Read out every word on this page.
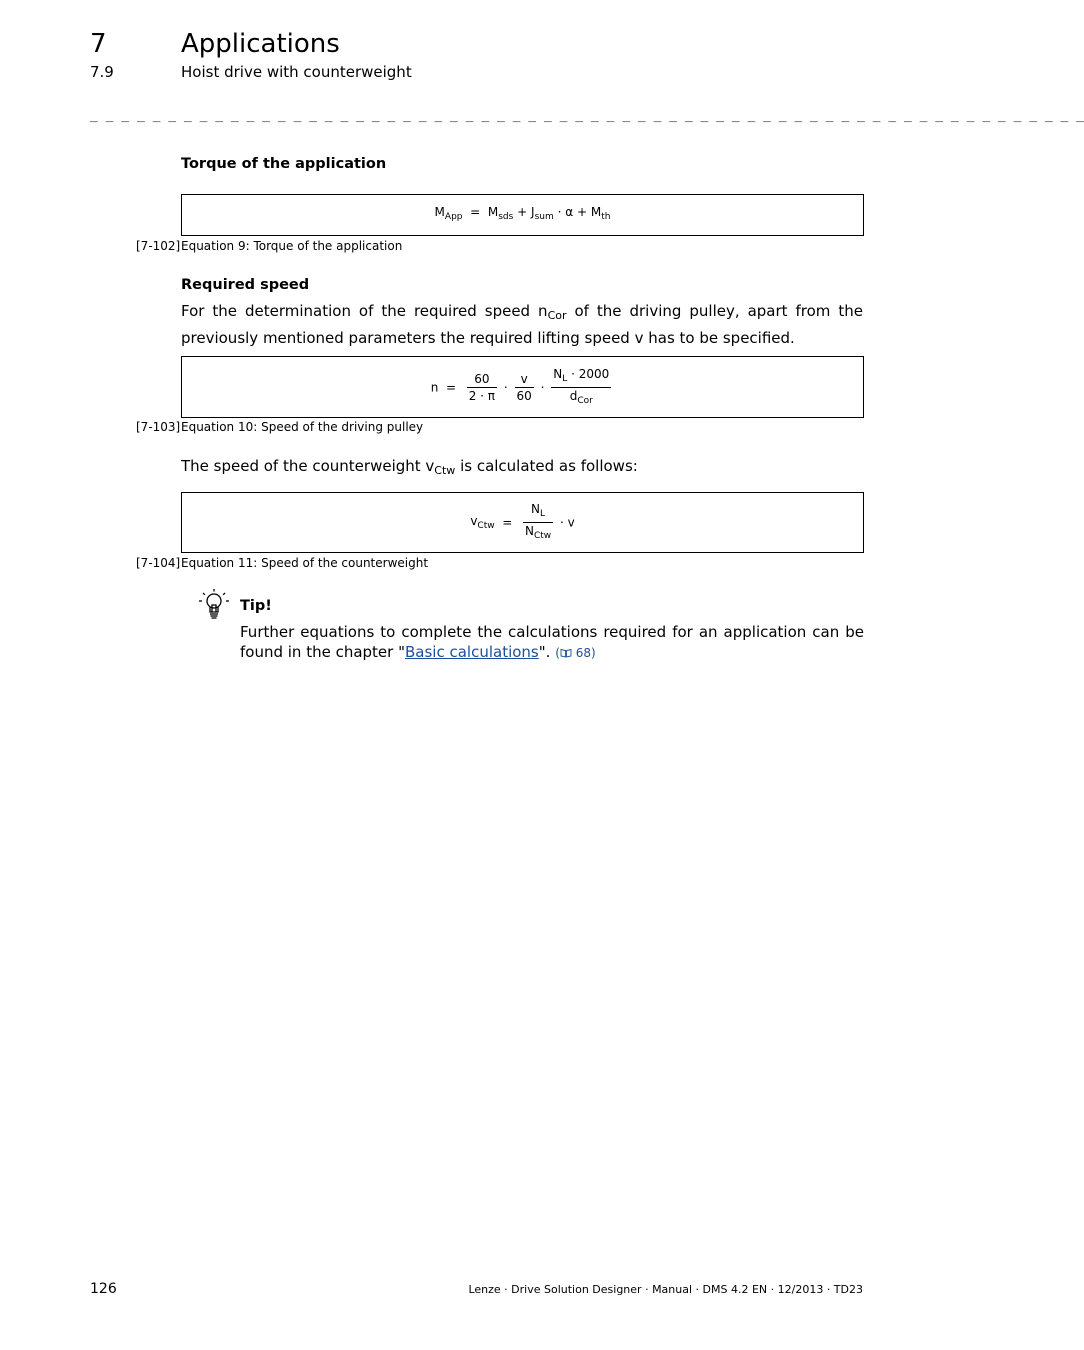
7	Applications
7.9	Hoist drive with counterweight
_ _ _ _ _ _ _ _ _ _ _ _ _ _ _ _ _ _ _ _ _ _ _ _ _ _ _ _ _ _ _ _ _ _ _ _ _ _ _ _ _ _ _ _ _ _ _ _ _ _ _ _ _ _ _ _ _ _ _ _ _ _ _ _
Torque of the application
$M_{App} = M_{sds} + J_{sum} \cdot \alpha + M_{th}$
[7-102] Equation 9: Torque of the application
Required speed
For the determination of the required speed $n_{Cor}$ of the driving pulley, apart from the previously mentioned parameters the required lifting speed v has to be specified.
$n = \frac{60}{2 \cdot \pi} \cdot \frac{v}{60} \cdot \frac{N_L \cdot 2000}{d_{Cor}}$
[7-103] Equation 10: Speed of the driving pulley
The speed of the counterweight $v_{Ctw}$ is calculated as follows:
$v_{Ctw} = \frac{N_L}{N_{Ctw}} \cdot v$
[7-104] Equation 11: Speed of the counterweight
Tip!
Further equations to complete the calculations required for an application can be found in the chapter "Basic calculations". ( 68)
126	Lenze · Drive Solution Designer · Manual · DMS 4.2 EN · 12/2013 · TD23
